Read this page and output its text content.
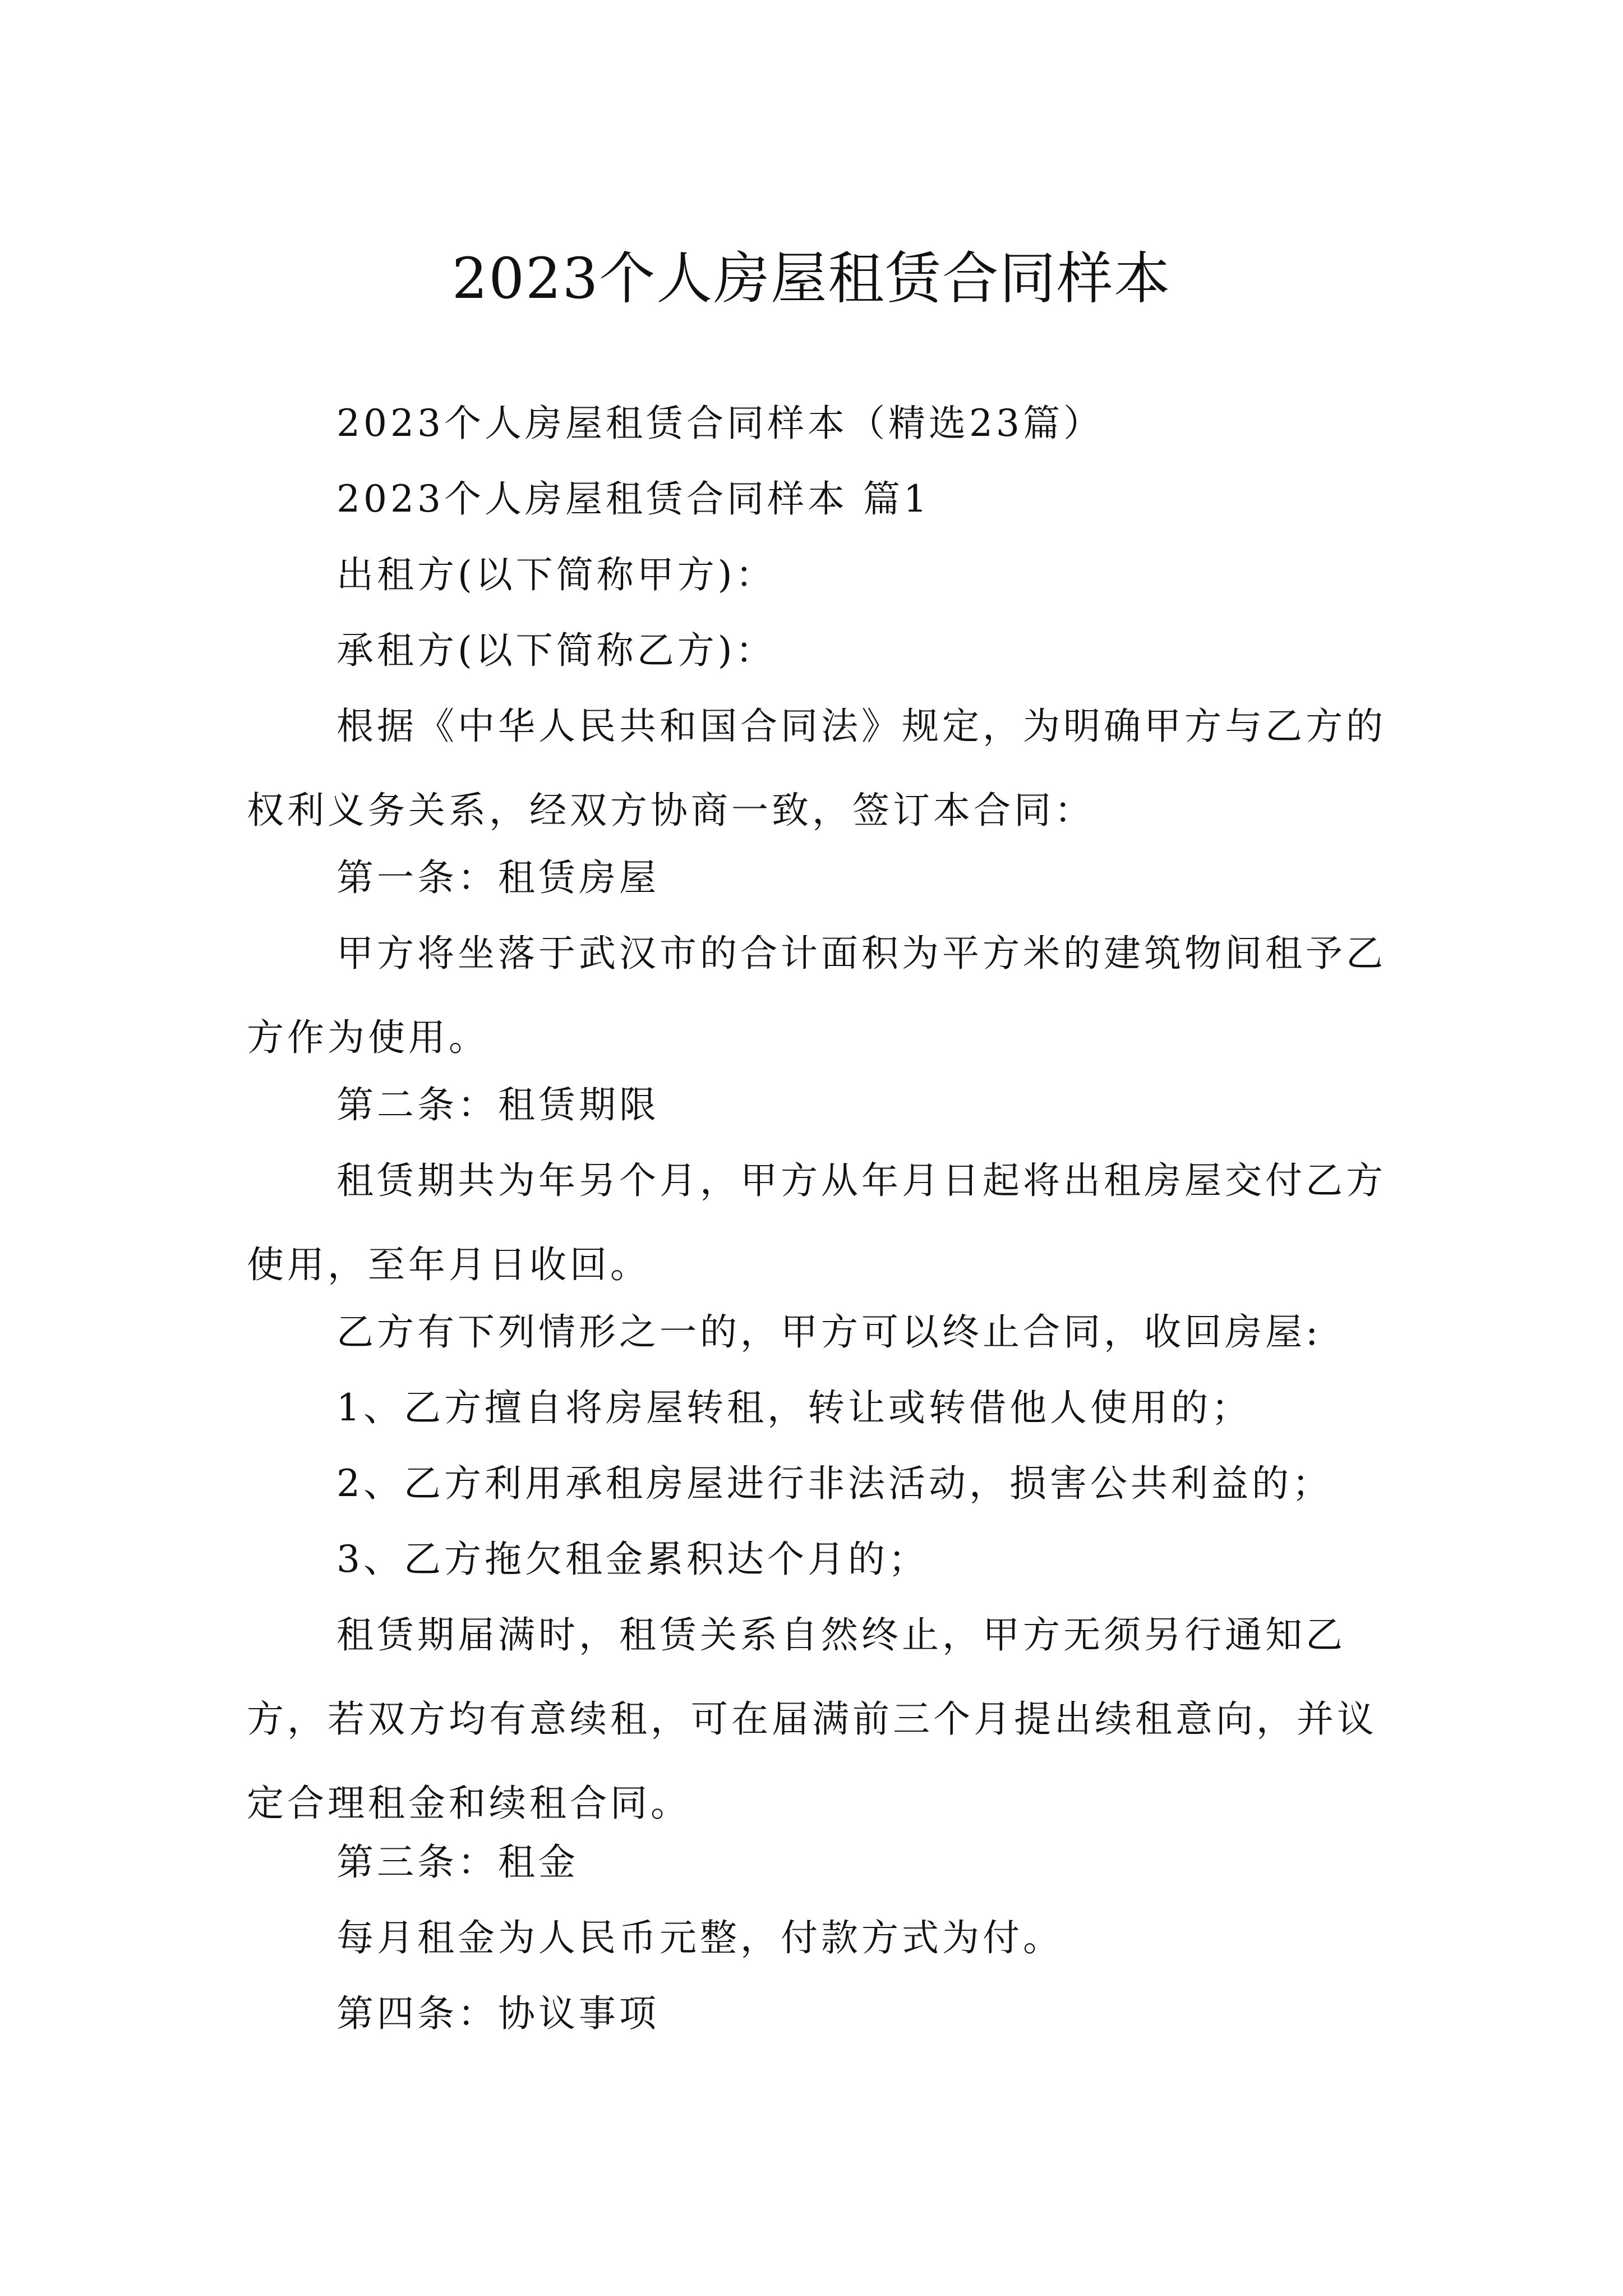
2023个人房屋租赁合同样本

2023个人房屋租赁合同样本（精选23篇）

2023个人房屋租赁合同样本 篇1

出租方(以下简称甲方)：

承租方(以下简称乙方)：

根据《中华人民共和国合同法》规定，为明确甲方与乙方的权利义务关系，经双方协商一致，签订本合同：

第一条：租赁房屋

甲方将坐落于武汉市的合计面积为平方米的建筑物间租予乙方作为使用。

第二条：租赁期限

租赁期共为年另个月，甲方从年月日起将出租房屋交付乙方使用，至年月日收回。

乙方有下列情形之一的，甲方可以终止合同，收回房屋:

1、乙方擅自将房屋转租，转让或转借他人使用的；

2、乙方利用承租房屋进行非法活动，损害公共利益的；

3、乙方拖欠租金累积达个月的；

租赁期届满时，租赁关系自然终止，甲方无须另行通知乙方，若双方均有意续租，可在届满前三个月提出续租意向，并议定合理租金和续租合同。

第三条：租金

每月租金为人民币元整，付款方式为付。

第四条：协议事项
